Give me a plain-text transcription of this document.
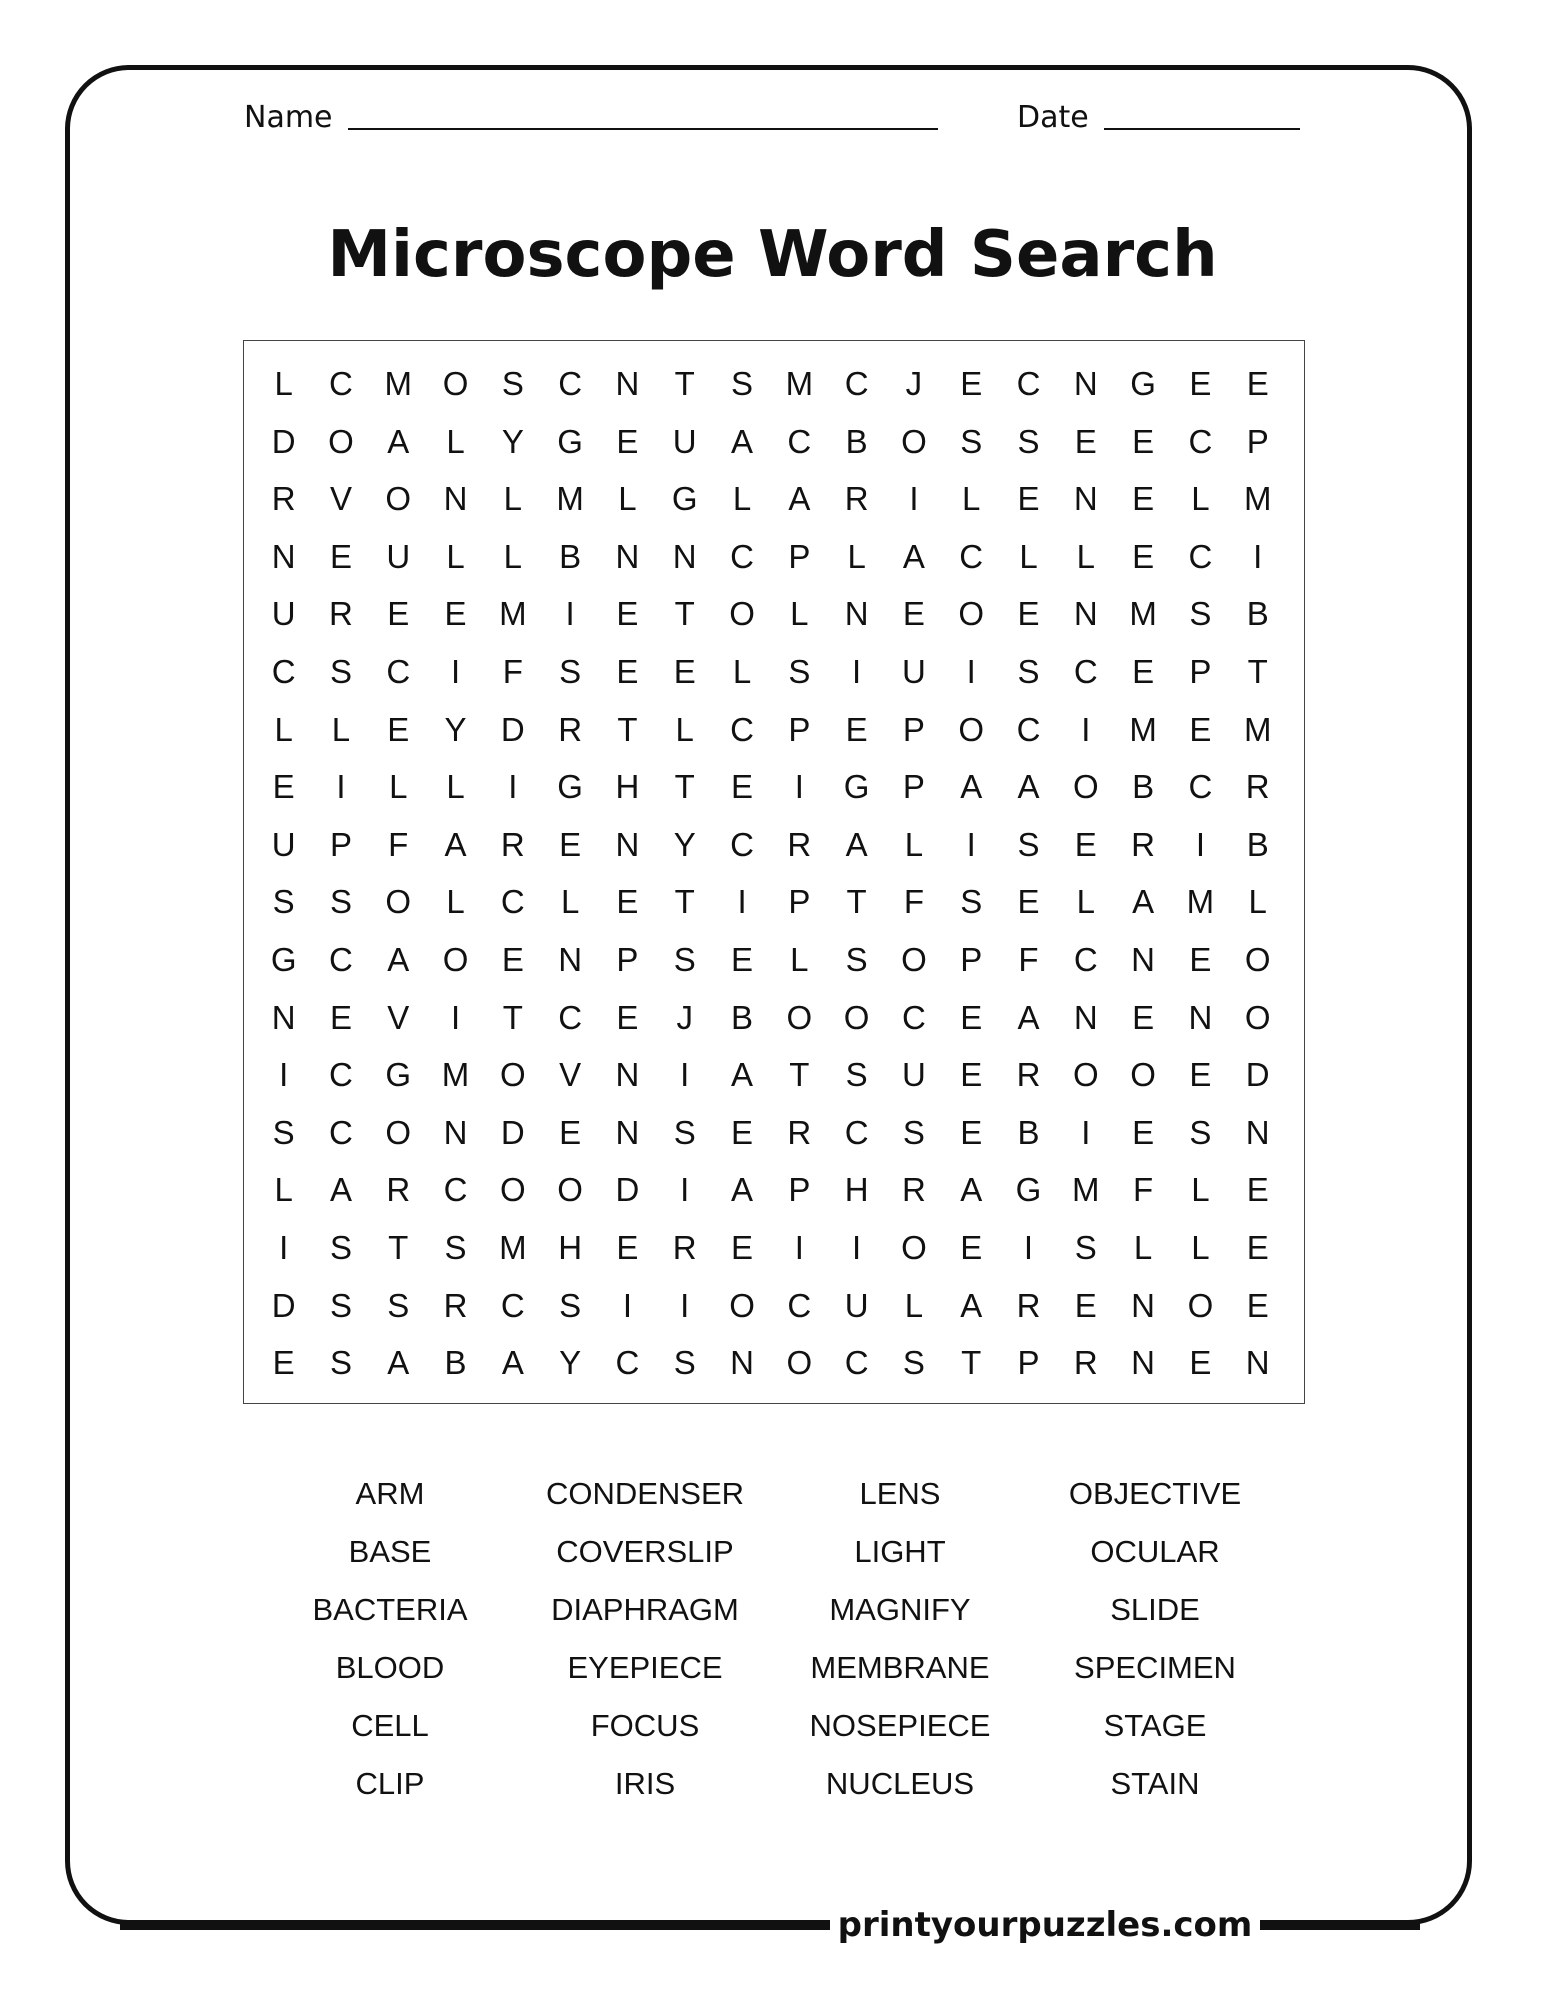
Name	Date
Microscope Word Search
L	C M O	S	C	N	T	S M C	J	E	C	N G	E	E
D O	A	L	Y	G	E	U	A	C	B	O	S	S	E	E	C	P
R	V	O N	L	M	L	G	L	A	R	I	L	E	N	E	L	M
N	E	U	L	L	B	N	N	C	P	L	A	C	L	L	E	C	I
U	R	E	E M	I	E	T	O	L	N	E	O	E	N M S	B
C	S	C	I	F	S	E	E	L	S	I	U	I	S	C	E	P	T
L	L	E	Y	D	R	T	L	C	P	E	P	O C	I	M E M
E	I	L	L	I	G H	T	E	I	G	P	A	A	O	B	C	R
U	P	F	A	R	E	N	Y	C	R	A	L	I	S	E	R	I	B
S	S	O	L	C	L	E	T	I	P	T	F	S	E	L	A M	L
G C	A	O	E	N	P	S	E	L	S	O	P	F	C	N	E	O
N	E	V	I	T	C	E	J	B	O O C	E	A	N	E	N O
I	C G M O	V	N	I	A	T	S	U	E	R O O	E	D
S	C O N	D	E	N	S	E	R	C	S	E	B	I	E	S	N
L	A	R	C O O D	I	A	P	H	R	A	G M	F	L	E
I	S	T	S M H	E	R	E	I	I	O	E	I	S	L	L	E
D	S	S	R	C	S	I	I	O C	U	L	A	R	E	N O	E
E	S	A	B	A	Y	C	S	N O C	S	T	P	R	N	E	N
ARM	CONDENSER	LENS	OBJECTIVE
BASE	COVERSLIP	LIGHT	OCULAR
BACTERIA	DIAPHRAGM	MAGNIFY	SLIDE
BLOOD	EYEPIECE	MEMBRANE	SPECIMEN
CELL	FOCUS	NOSEPIECE	STAGE
CLIP	IRIS	NUCLEUS	STAIN
printyourpuzzles.com
